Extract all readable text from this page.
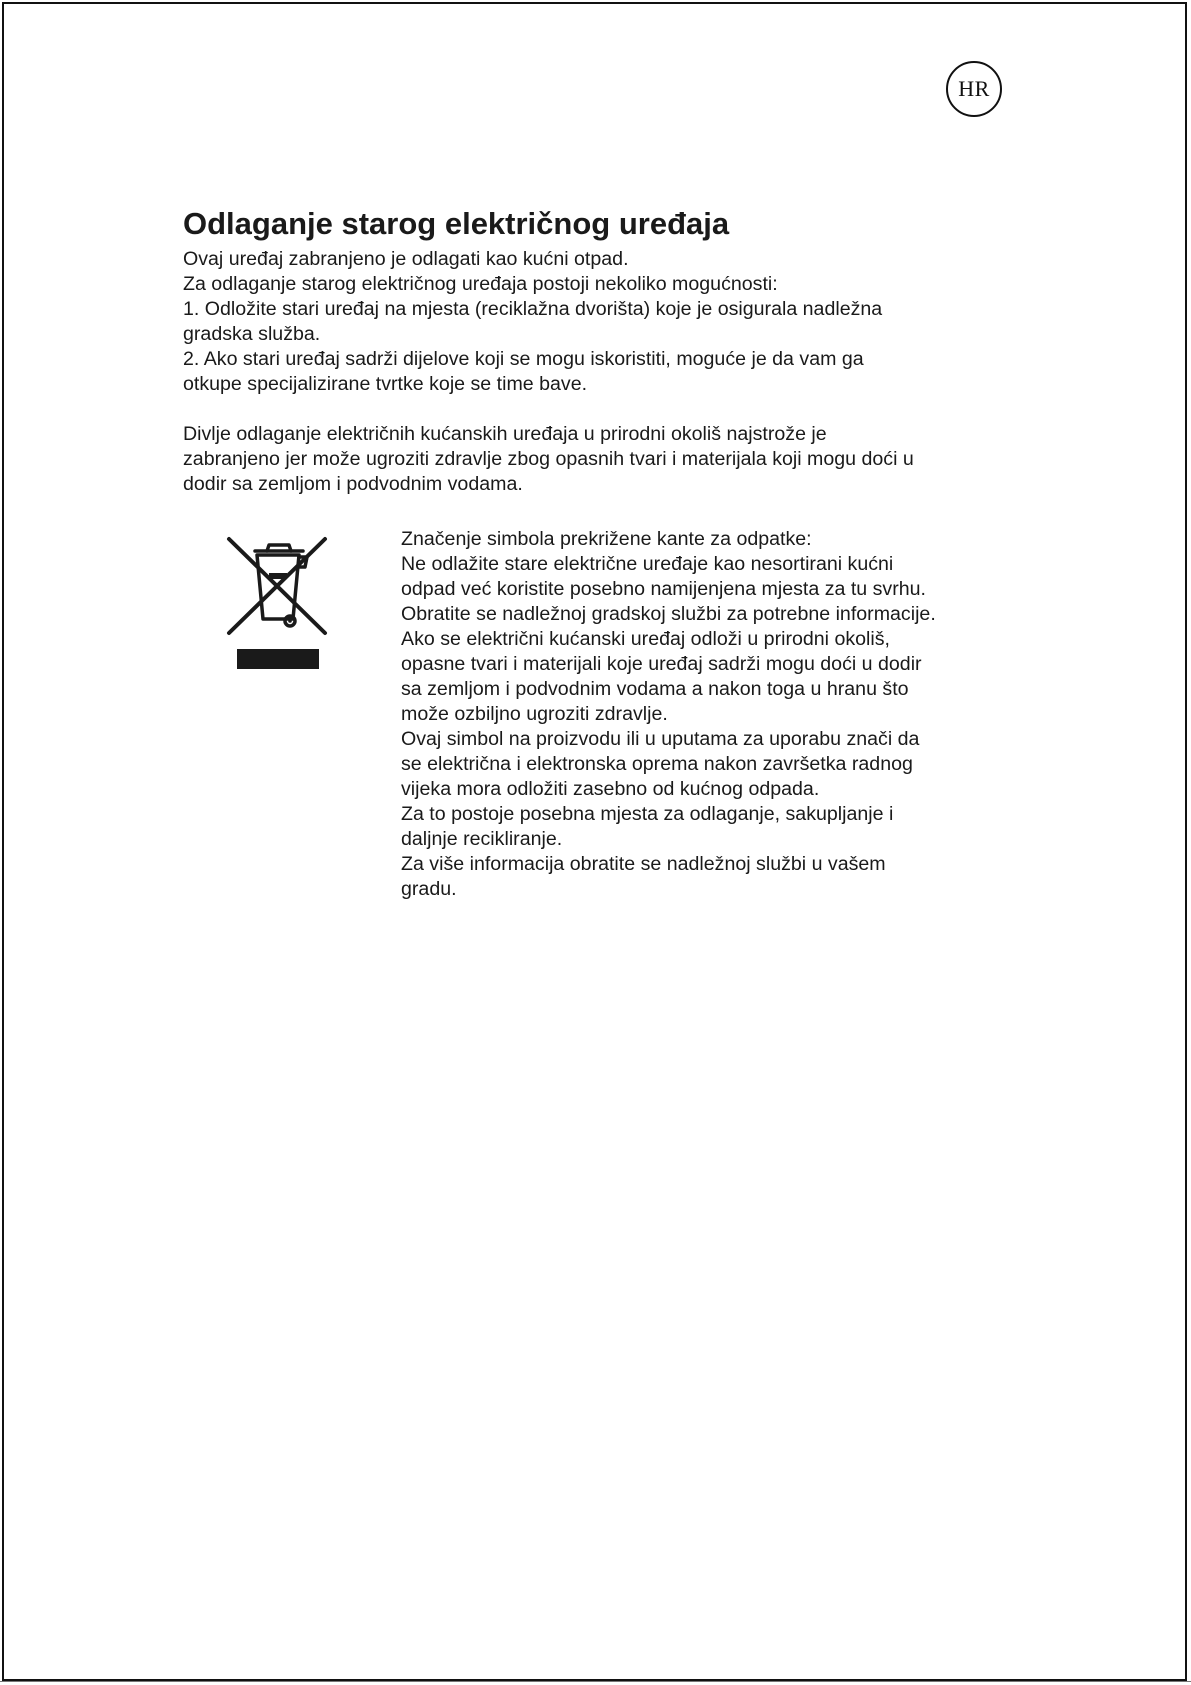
HR
Odlaganje starog električnog uređaja

Ovaj uređaj zabranjeno je odlagati kao kućni otpad.
Za odlaganje starog električnog uređaja postoji nekoliko mogućnosti:
1. Odložite stari uređaj na mjesta (reciklažna dvorišta) koje je osigurala nadležna
gradska služba.
2. Ako stari uređaj sadrži dijelove koji se mogu iskoristiti, moguće je da vam ga
otkupe specijalizirane tvrtke koje se time bave.

Divlje odlaganje električnih kućanskih uređaja u prirodni okoliš najstrože je
zabranjeno jer može ugroziti zdravlje zbog opasnih tvari i materijala koji mogu doći u
dodir sa zemljom i podvodnim vodama.

Značenje simbola prekrižene kante za odpatke:
Ne odlažite stare električne uređaje kao nesortirani kućni
odpad već koristite posebno namijenjena mjesta za tu svrhu.
Obratite se nadležnoj gradskoj službi za potrebne informacije.
Ako se električni kućanski uređaj odloži u prirodni okoliš,
opasne tvari i materijali koje uređaj sadrži mogu doći u dodir
sa zemljom i podvodnim vodama a nakon toga u hranu što
može ozbiljno ugroziti zdravlje.
Ovaj simbol na proizvodu ili u uputama za uporabu znači da
se električna i elektronska oprema nakon završetka radnog
vijeka mora odložiti zasebno od kućnog odpada.
Za to postoje posebna mjesta za odlaganje, sakupljanje i
daljnje recikliranje.
Za više informacija obratite se nadležnoj službi u vašem
gradu.
